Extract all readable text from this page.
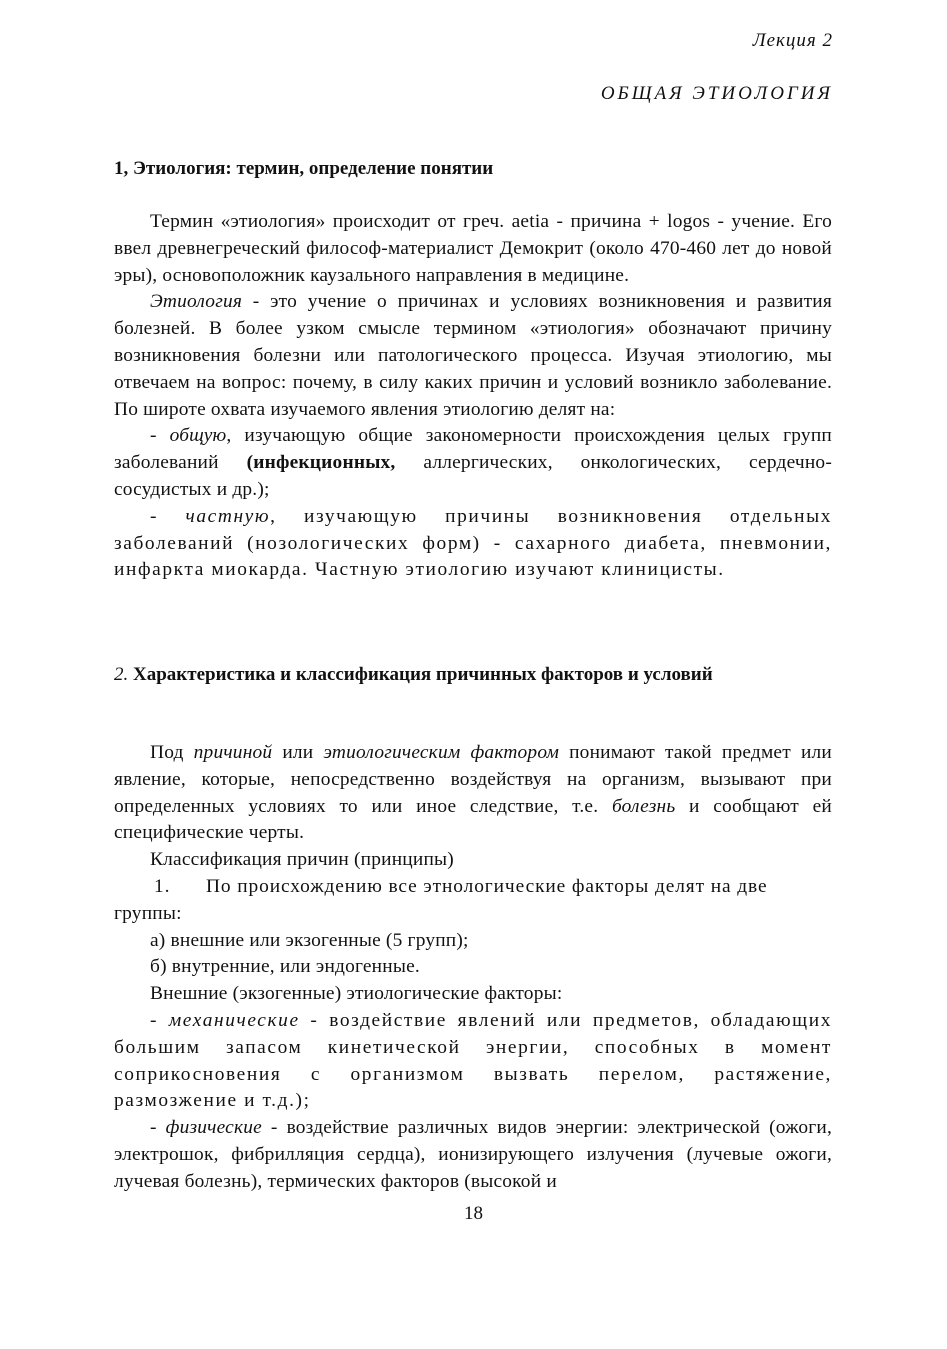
Лекция 2
ОБЩАЯ ЭТИОЛОГИЯ
1, Этиология: термин, определение понятии

Термин «этиология» происходит от греч. aetia - причина + logos - учение. Его ввел древнегреческий философ-материалист Демокрит (около 470-460 лет до новой эры), основоположник каузального направления в медицине.

Этиология - это учение о причинах и условиях возникновения и развития болезней. В более узком смысле термином «этиология» обозначают причину возникновения болезни или патологического процесса. Изучая этиологию, мы отвечаем на вопрос: почему, в силу каких причин и условий возникло заболевание. По широте охвата изучаемого явления этиологию делят на:

- общую, изучающую общие закономерности происхождения целых групп заболеваний (инфекционных, аллергических, онкологических, сердечно-сосудистых и др.);

- частную, изучающую причины возникновения отдельных заболеваний (нозологических форм) - сахарного диабета, пневмонии, инфаркта миокарда. Частную этиологию изучают клиницисты.

2. Характеристика и классификация причинных факторов и условий

Под причиной или этиологическим фактором понимают такой предмет или явление, которые, непосредственно воздействуя на организм, вызывают при определенных условиях то или иное следствие, т.е. болезнь и сообщают ей специфические черты.

Классификация причин (принципы)

1. По происхождению все этнологические факторы делят на две

группы:

а) внешние или экзогенные (5 групп);

б) внутренние, или эндогенные.

Внешние (экзогенные) этиологические факторы:

- механические - воздействие явлений или предметов, обладающих большим запасом кинетической энергии, способных в момент соприкосновения с организмом вызвать перелом, растяжение, размозжение и т.д.);

- физические - воздействие различных видов энергии: электрической (ожоги, электрошок, фибрилляция сердца), ионизирующего излучения (лучевые ожоги, лучевая болезнь), термических факторов (высокой и

18
